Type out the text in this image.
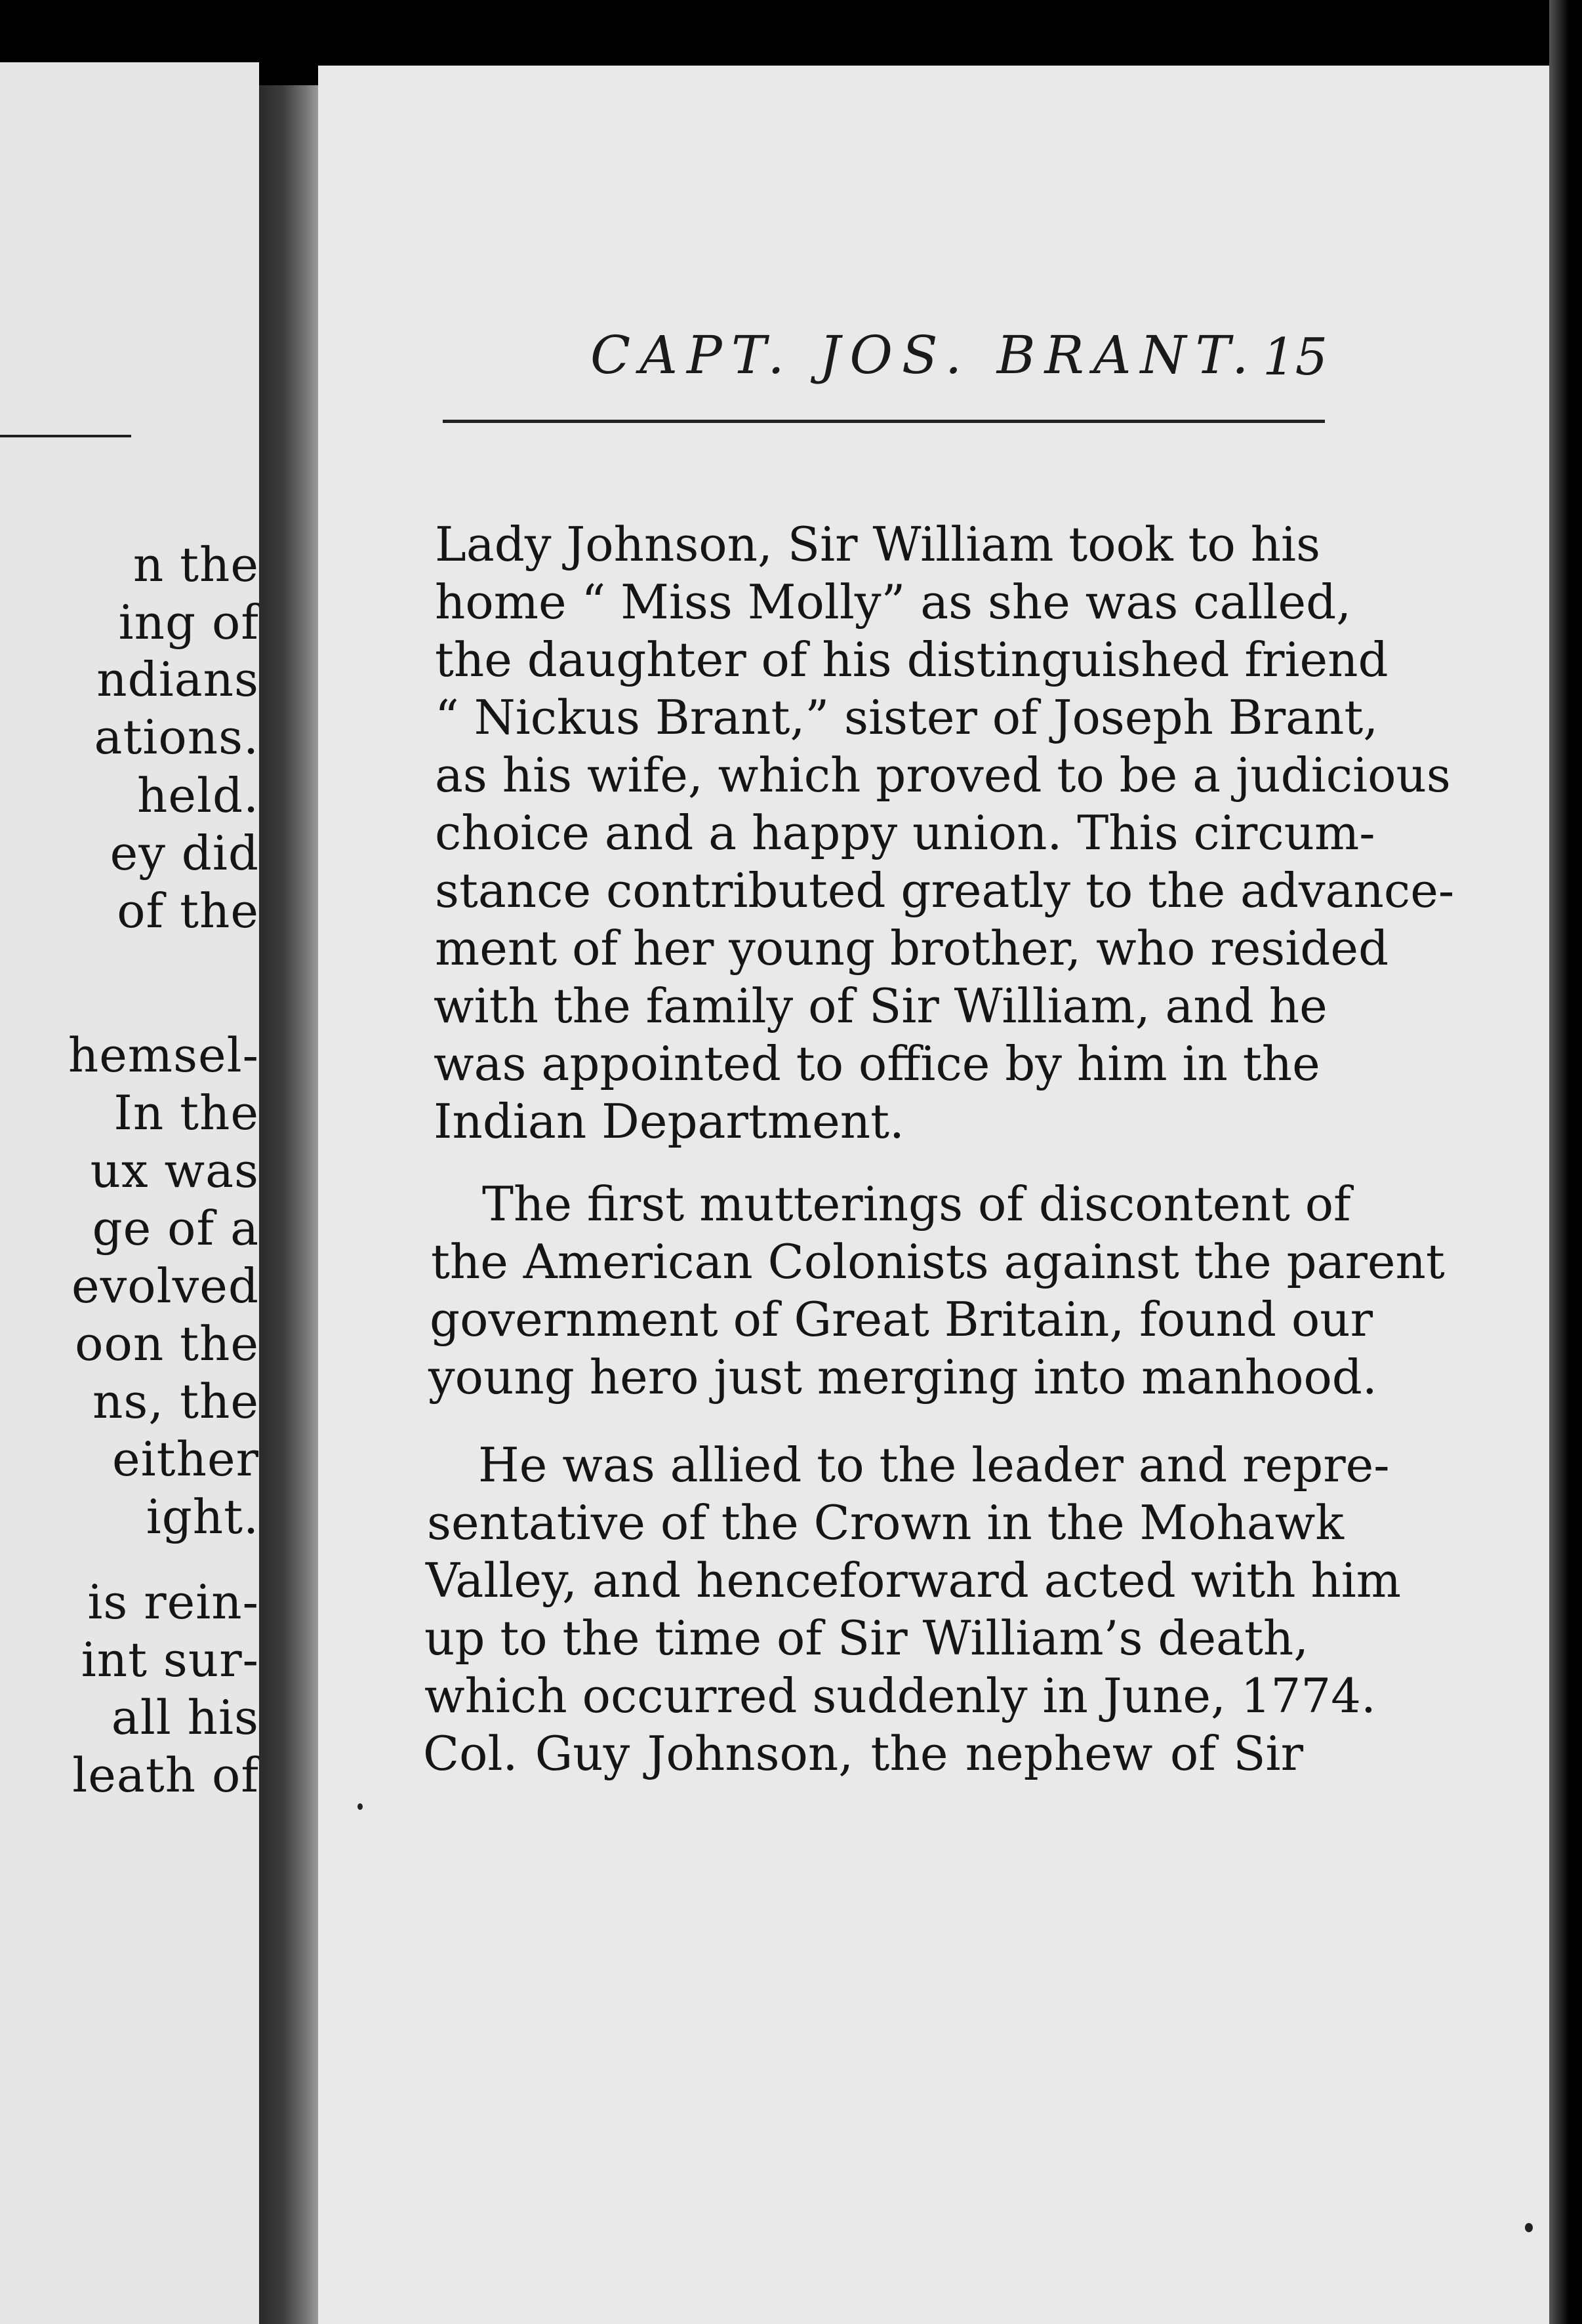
n the
ing of
ndians
ations.
held.
ey did
of the
hemsel-
In the
ux was
ge of a
evolved
oon the
ns, the
either
ight.
is rein-
int sur-
all his
leath of
CAPT. JOS. BRANT. 15
Lady Johnson, Sir William took to his
home “ Miss Molly” as she was called,
the daughter of his distinguished friend
“ Nickus Brant,” sister of Joseph Brant,
as his wife, which proved to be a judicious
choice and a happy union. This circum-
stance contributed greatly to the advance-
ment of her young brother, who resided
with the family of Sir William, and he
was appointed to office by him in the
Indian Department.
The first mutterings of discontent of
the American Colonists against the parent
government of Great Britain, found our
young hero just merging into manhood.
He was allied to the leader and repre-
sentative of the Crown in the Mohawk
Valley, and henceforward acted with him
up to the time of Sir William’s death,
which occurred suddenly in June, 1774.
Col. Guy Johnson, the nephew of Sir
